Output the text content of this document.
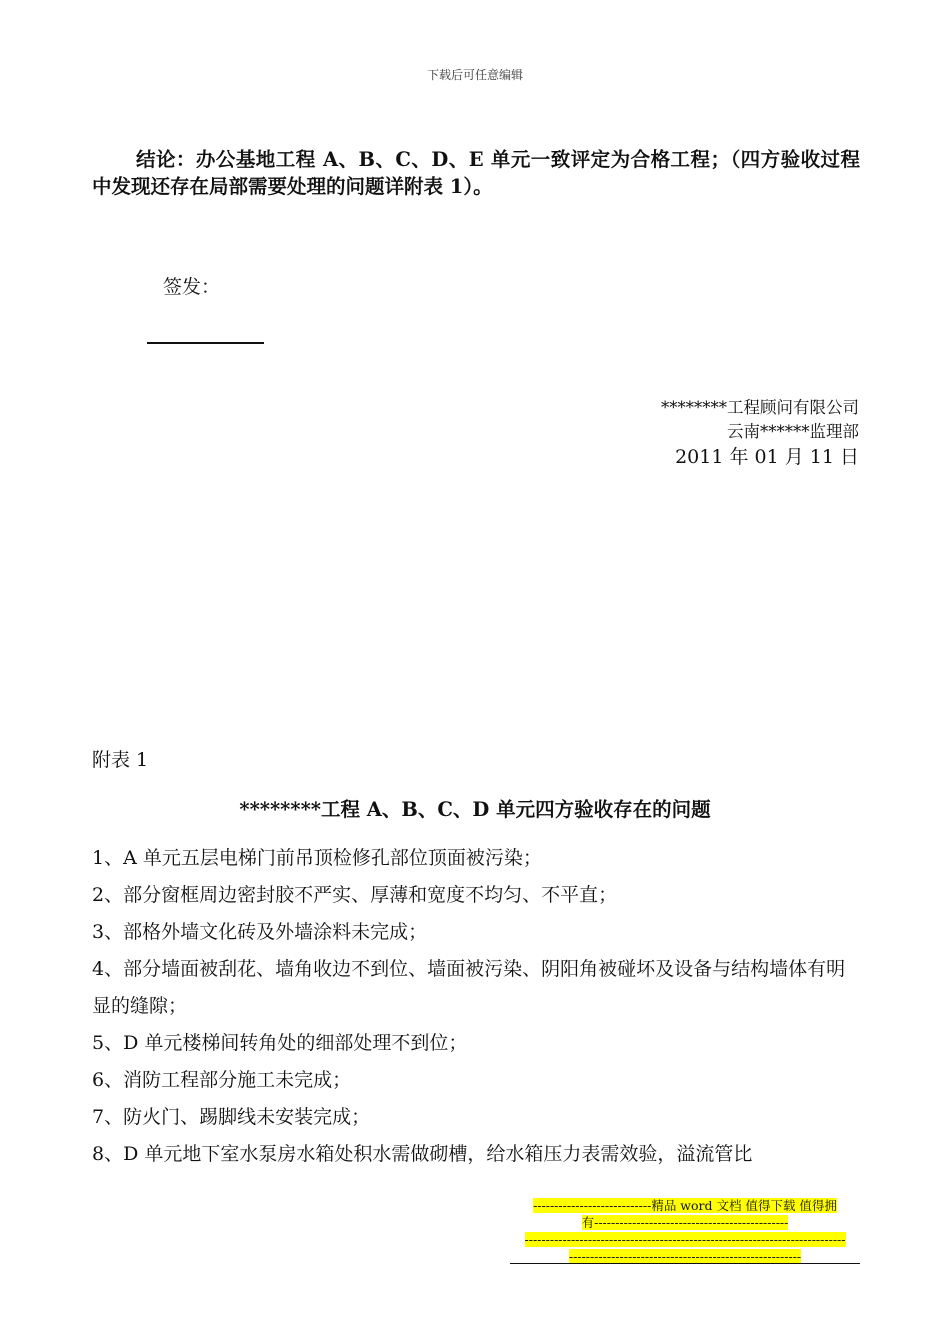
下载后可任意编辑
结论：办公基地工程 A、B、C、D、E 单元一致评定为合格工程；（四方验收过程中发现还存在局部需要处理的问题详附表 1）。
签发：
********工程顾问有限公司
云南******监理部
2011 年 01 月 11 日
附表 1
********工程 A、B、C、D 单元四方验收存在的问题
1、A 单元五层电梯门前吊顶检修孔部位顶面被污染；
2、部分窗框周边密封胶不严实、厚薄和宽度不均匀、不平直；
3、部格外墙文化砖及外墙涂料未完成；
4、部分墙面被刮花、墙角收边不到位、墙面被污染、阴阳角被碰坏及设备与结构墙体有明显的缝隙；
5、D 单元楼梯间转角处的细部处理不到位；
6、消防工程部分施工未完成；
7、防火门、踢脚线未安装完成；
8、D 单元地下室水泵房水箱处积水需做砌槽，给水箱压力表需效验，溢流管比
----------------------------精品 word 文档 值得下载 值得拥
有----------------------------------------------
----------------------------------------------------------------------------
-------------------------------------------------------
